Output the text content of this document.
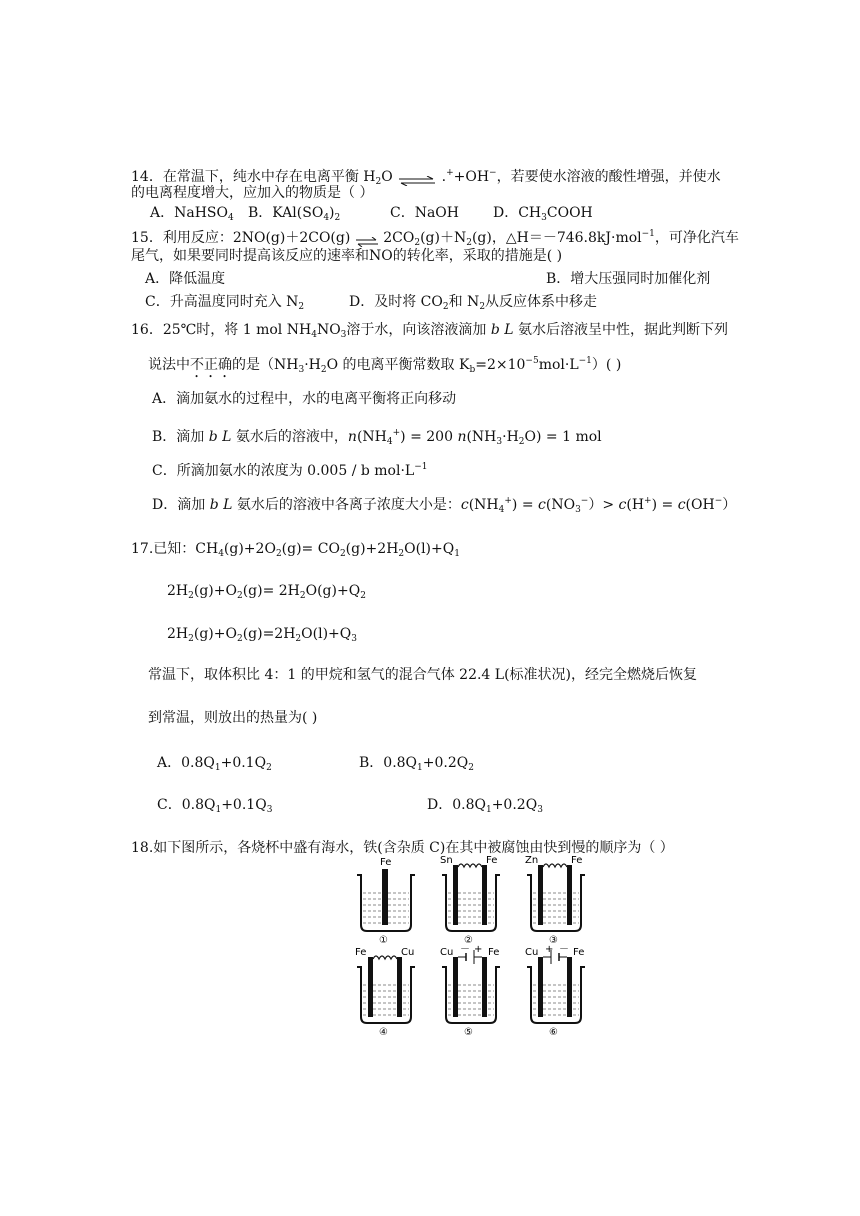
14．在常温下，纯水中存在电离平衡 $H_2O$ ⇌ .++OH−，若要使水溶液的酸性增强，并使水
的电离程度增大，应加入的物质是（ ）
A．NaHSO$_4$ B．$KAl(SO_4)_2$	C．NaOH D．$CH_3COOH$
15．利用反应：2NO(g)＋2CO(g) ⇌ $2CO_2(g)+N_2(g)$，△H＝－746.8kJ·mol$^{-1}$，可净化汽车
尾气，如果要同时提高该反应的速率和NO的转化率，采取的措施是( )
A．降低温度	B．增大压强同时加催化剂
C．升高温度同时充入 $N_2$	D．及时将 $CO_2$和 $N_2$从反应体系中移走
16．25℃时，将 1 mol $NH_4NO_3$溶于水，向该溶液滴加 b L 氨水后溶液呈中性，据此判断下列
说法中不正确的是（$NH_3\cdot H_2O$ 的电离平衡常数取 $K_b=2\times 10^{-5}mol\cdot L^{-1}$）( )
A．滴加氨水的过程中，水的电离平衡将正向移动
B．滴加 b L 氨水后的溶液中，$n(NH_4^+) = 200$ $n(NH_3\cdot H_2O) = 1$ mol
C．所滴加氨水的浓度为 0.005 / b $mol\cdot L^{-1}$
D．滴加 b L 氨水后的溶液中各离子浓度大小是：$c(NH_4^+) = c(NO_3^-)> c(H^+) = c(OH^-)$
17.已知：$CH_4(g)+2O_2(g)= CO_2(g)+2H_2O(l)+Q_1$
$2H_2(g)+O_2(g)= 2H_2O(g)+Q_2$
$2H_2(g)+O_2(g)=2H_2O(l)+Q_3$
常温下，取体积比 4：1 的甲烷和氢气的混合气体 22.4 L(标准状况)，经完全燃烧后恢复
到常温，则放出的热量为( )
A．$0.8Q_1+0.1Q_2$	B．$0.8Q_1+0.2Q_2$
C．$0.8Q_1+0.1Q_3$	D．$0.8Q_1+0.2Q_3$
18.如下图所示，各烧杯中盛有海水，铁(含杂质 C)在其中被腐蚀由快到慢的顺序为（ ）
Fe
①
Sn	Fe
②
Zn	Fe
③
Fe	Cu
④
Cu － + Fe
⑤
Cu + － Fe
⑥
